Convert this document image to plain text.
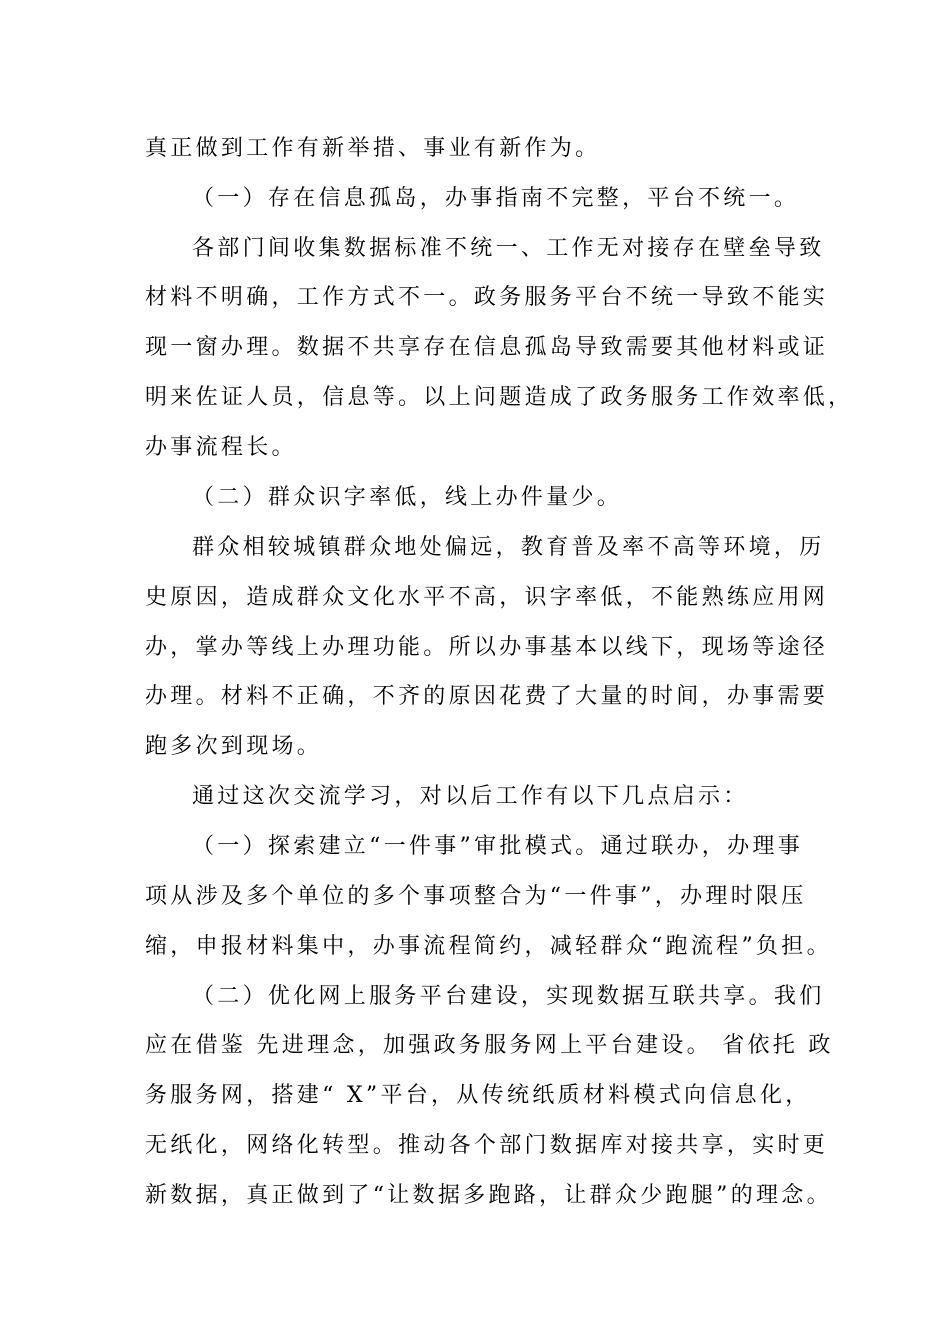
真正做到工作有新举措、事业有新作为。
（一）存在信息孤岛，办事指南不完整，平台不统一。
各部门间收集数据标准不统一、工作无对接存在壁垒导致
材料不明确，工作方式不一。政务服务平台不统一导致不能实
现一窗办理。数据不共享存在信息孤岛导致需要其他材料或证
明来佐证人员，信息等。以上问题造成了政务服务工作效率低，
办事流程长。
（二）群众识字率低，线上办件量少。
群众相较城镇群众地处偏远，教育普及率不高等环境，历
史原因，造成群众文化水平不高，识字率低，不能熟练应用网
办，掌办等线上办理功能。所以办事基本以线下，现场等途径
办理。材料不正确，不齐的原因花费了大量的时间，办事需要
跑多次到现场。
通过这次交流学习，对以后工作有以下几点启示：
（一）探索建立“一件事”审批模式。通过联办，办理事
项从涉及多个单位的多个事项整合为“一件事”，办理时限压
缩，申报材料集中，办事流程简约，减轻群众“跑流程”负担。
（二）优化网上服务平台建设，实现数据互联共享。我们
应在借鉴 先进理念，加强政务服务网上平台建设。 省依托 政
务服务网，搭建“ X”平台，从传统纸质材料模式向信息化，
无纸化，网络化转型。推动各个部门数据库对接共享，实时更
新数据，真正做到了“让数据多跑路，让群众少跑腿”的理念。
